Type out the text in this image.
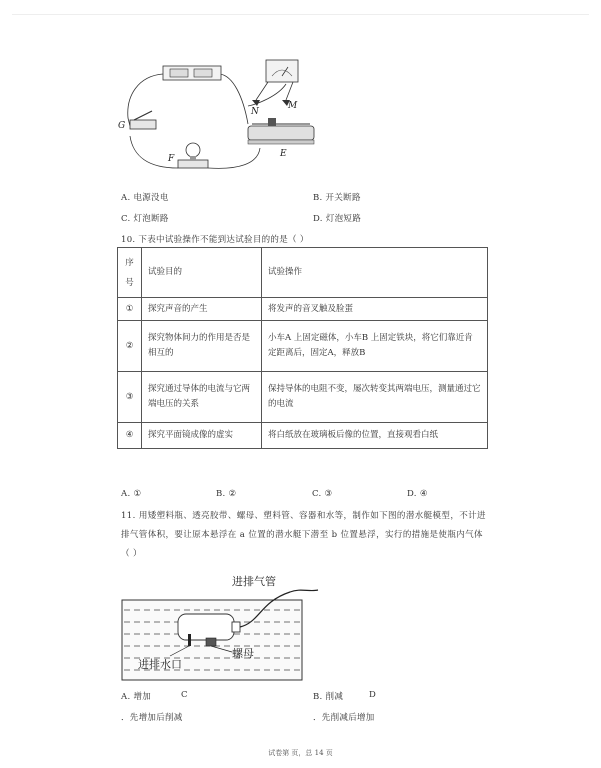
G
F
N
M
E
A. 电源没电	B. 开关断路
C. 灯泡断路	D. 灯泡短路
10. 下表中试验操作不能到达试验目的的是（ ）
序号	试验目的	试验操作
①	探究声音的产生	将发声的音叉触及脸蛋
②	探究物体间力的作用是否是相互的	小车A 上固定磁体，小车B 上固定铁块，将它们靠近肯定距离后，固定A，释放B
③	探究通过导体的电流与它两端电压的关系	保持导体的电阻不变，屡次转变其两端电压，测量通过它的电流
④	探究平面镜成像的虚实	将白纸放在玻璃板后像的位置，直接观看白纸
A. ①	B. ②	C. ③	D. ④
11. 用矮塑料瓶、透亮胶带、螺母、塑料管、容器和水等，制作如下图的潜水艇模型，不计进排气管体积，要让原本悬浮在 a 位置的潜水艇下潜至 b 位置悬浮，实行的措施是使瓶内气体（ ）
进排气管
螺母
进排水口
A. 增加	C	B. 削减	D
．先增加后削减	．先削减后增加
试卷第 页，总 14 页
